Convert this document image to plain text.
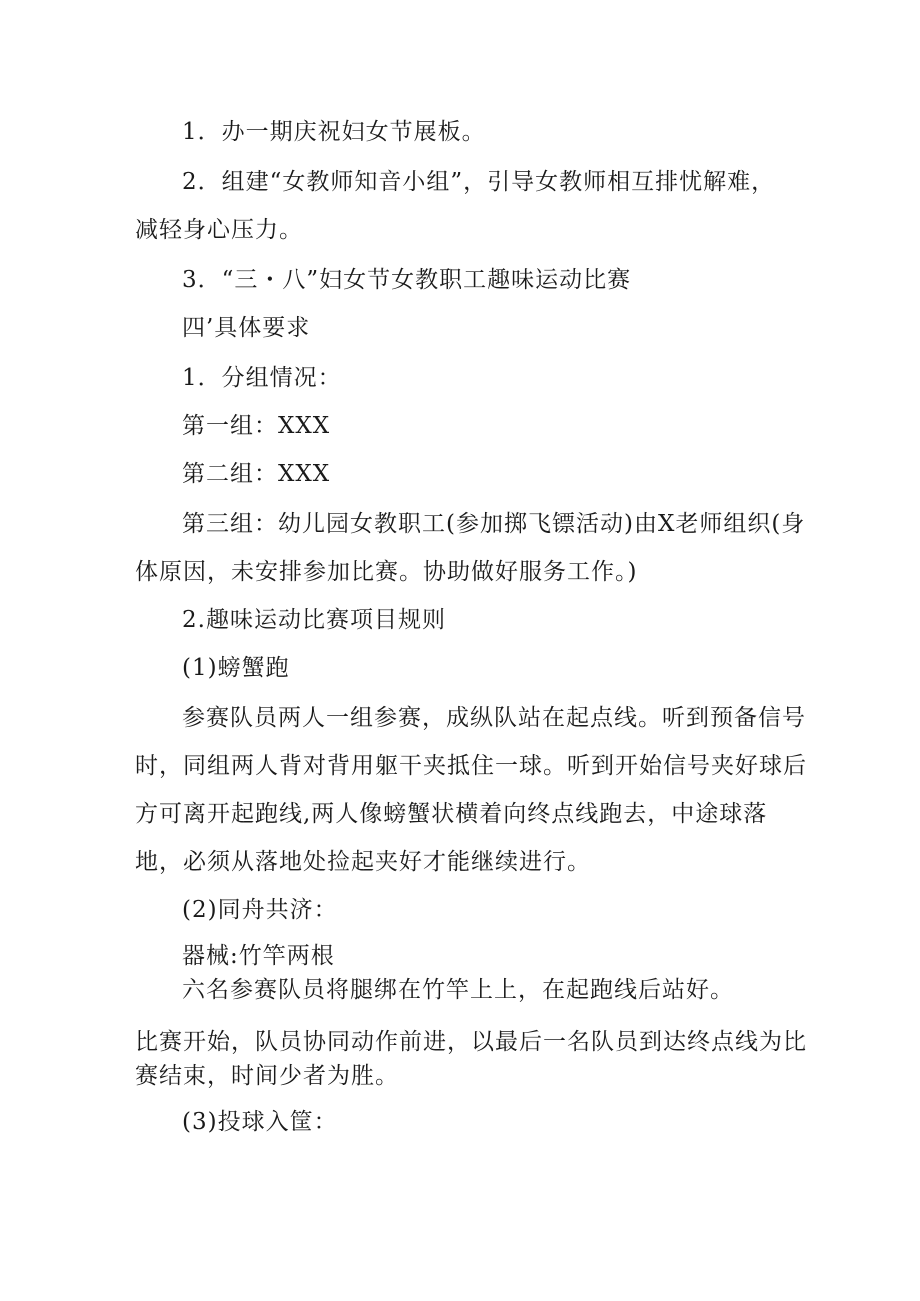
1．办一期庆祝妇女节展板。
2．组建“女教师知音小组”，引导女教师相互排忧解难，
减轻身心压力。
3．“三・八”妇女节女教职工趣味运动比赛
四’具体要求
1．分组情况：
第一组：XXX
第二组：XXX
第三组：幼儿园女教职工(参加掷飞镖活动)由X老师组织(身
体原因，未安排参加比赛。协助做好服务工作。)
2.趣味运动比赛项目规则
(1)螃蟹跑
参赛队员两人一组参赛，成纵队站在起点线。听到预备信号
时，同组两人背对背用躯干夹抵住一球。听到开始信号夹好球后
方可离开起跑线,两人像螃蟹状横着向终点线跑去，中途球落
地，必须从落地处捡起夹好才能继续进行。
(2)同舟共济：
器械:竹竿两根
六名参赛队员将腿绑在竹竿上上，在起跑线后站好。
比赛开始，队员协同动作前进，以最后一名队员到达终点线为比
赛结束，时间少者为胜。
(3)投球入筐：
